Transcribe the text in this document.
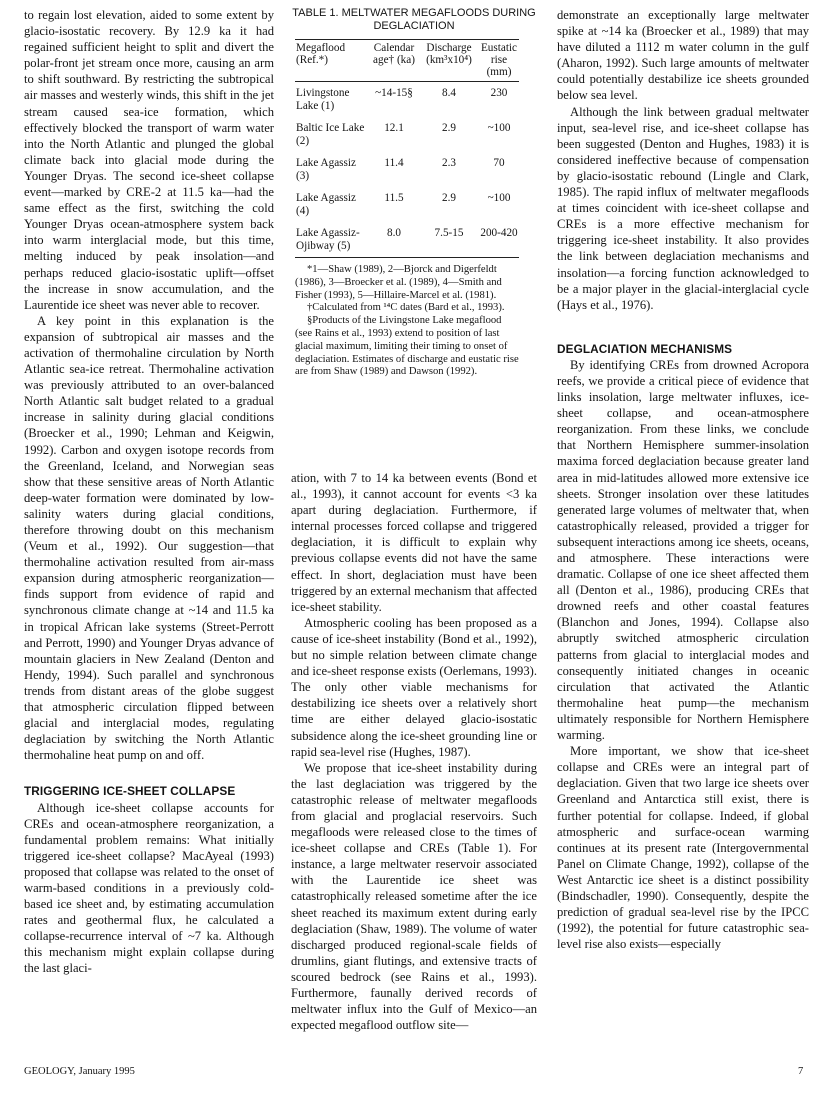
to regain lost elevation, aided to some extent by glacio-isostatic recovery. By 12.9 ka it had regained sufficient height to split and divert the polar-front jet stream once more, causing an arm to shift southward. By restricting the subtropical air masses and westerly winds, this shift in the jet stream caused sea-ice formation, which effectively blocked the transport of warm water into the North Atlantic and plunged the global climate back into glacial mode during the Younger Dryas. The second ice-sheet collapse event—marked by CRE-2 at 11.5 ka—had the same effect as the first, switching the cold Younger Dryas ocean-atmosphere system back into warm interglacial mode, but this time, melting induced by peak insolation—and perhaps reduced glacio-isostatic uplift—offset the increase in snow accumulation, and the Laurentide ice sheet was never able to recover.

A key point in this explanation is the expansion of subtropical air masses and the activation of thermohaline circulation by North Atlantic sea-ice retreat. Thermohaline activation was previously attributed to an over-balanced North Atlantic salt budget related to a gradual increase in salinity during glacial conditions (Broecker et al., 1990; Lehman and Keigwin, 1992). Carbon and oxygen isotope records from the Greenland, Iceland, and Norwegian seas show that these sensitive areas of North Atlantic deep-water formation were dominated by low-salinity waters during glacial conditions, therefore throwing doubt on this mechanism (Veum et al., 1992). Our suggestion—that thermohaline activation resulted from air-mass expansion during atmospheric reorganization—finds support from evidence of rapid and synchronous climate change at ~14 and 11.5 ka in tropical African lake systems (Street-Perrott and Perrott, 1990) and Younger Dryas advance of mountain glaciers in New Zealand (Denton and Hendy, 1994). Such parallel and synchronous trends from distant areas of the globe suggest that atmospheric circulation flipped between glacial and interglacial modes, regulating deglaciation by switching the North Atlantic thermohaline heat pump on and off.

TRIGGERING ICE-SHEET COLLAPSE

Although ice-sheet collapse accounts for CREs and ocean-atmosphere reorganization, a fundamental problem remains: What initially triggered ice-sheet collapse? MacAyeal (1993) proposed that collapse was related to the onset of warm-based conditions in a previously cold-based ice sheet and, by estimating accumulation rates and geothermal flux, he calculated a collapse-recurrence interval of ~7 ka. Although this mechanism might explain collapse during the last glaci-

TABLE 1. MELTWATER MEGAFLOODS DURING DEGLACIATION
Megaflood (Ref.*)	Calendar age† (ka)	Discharge (km³x10⁴)	Eustatic rise (mm)
Livingstone Lake (1)	~14-15§	8.4	230
Baltic Ice Lake (2)	12.1	2.9	~100
Lake Agassiz (3)	11.4	2.3	70
Lake Agassiz (4)	11.5	2.9	~100
Lake Agassiz-Ojibway (5)	8.0	7.5-15	200-420

*1—Shaw (1989), 2—Bjorck and Digerfeldt (1986), 3—Broecker et al. (1989), 4—Smith and Fisher (1993), 5—Hillaire-Marcel et al. (1981).

†Calculated from ¹⁴C dates (Bard et al., 1993).

§Products of the Livingstone Lake megaflood (see Rains et al., 1993) extend to position of last glacial maximum, limiting their timing to onset of deglaciation. Estimates of discharge and eustatic rise are from Shaw (1989) and Dawson (1992).

ation, with 7 to 14 ka between events (Bond et al., 1993), it cannot account for events <3 ka apart during deglaciation. Furthermore, if internal processes forced collapse and triggered deglaciation, it is difficult to explain why previous collapse events did not have the same effect. In short, deglaciation must have been triggered by an external mechanism that affected ice-sheet stability.

Atmospheric cooling has been proposed as a cause of ice-sheet instability (Bond et al., 1992), but no simple relation between climate change and ice-sheet response exists (Oerlemans, 1993). The only other viable mechanisms for destabilizing ice sheets over a relatively short time are either delayed glacio-isostatic subsidence along the ice-sheet grounding line or rapid sea-level rise (Hughes, 1987).

We propose that ice-sheet instability during the last deglaciation was triggered by the catastrophic release of meltwater megafloods from glacial and proglacial reservoirs. Such megafloods were released close to the times of ice-sheet collapse and CREs (Table 1). For instance, a large meltwater reservoir associated with the Laurentide ice sheet was catastrophically released sometime after the ice sheet reached its maximum extent during early deglaciation (Shaw, 1989). The volume of water discharged produced regional-scale fields of drumlins, giant flutings, and extensive tracts of scoured bedrock (see Rains et al., 1993). Furthermore, faunally derived records of meltwater influx into the Gulf of Mexico—an expected megaflood outflow site—

demonstrate an exceptionally large meltwater spike at ~14 ka (Broecker et al., 1989) that may have diluted a 1112 m water column in the gulf (Aharon, 1992). Such large amounts of meltwater could potentially destabilize ice sheets grounded below sea level.

Although the link between gradual meltwater input, sea-level rise, and ice-sheet collapse has been suggested (Denton and Hughes, 1983) it is considered ineffective because of compensation by glacio-isostatic rebound (Lingle and Clark, 1985). The rapid influx of meltwater megafloods at times coincident with ice-sheet collapse and CREs is a more effective mechanism for triggering ice-sheet instability. It also provides the link between deglaciation mechanisms and insolation—a forcing function acknowledged to be a major player in the glacial-interglacial cycle (Hays et al., 1976).

DEGLACIATION MECHANISMS

By identifying CREs from drowned Acropora reefs, we provide a critical piece of evidence that links insolation, large meltwater influxes, ice-sheet collapse, and ocean-atmosphere reorganization. From these links, we conclude that Northern Hemisphere summer-insolation maxima forced deglaciation because greater land area in mid-latitudes allowed more extensive ice sheets. Stronger insolation over these latitudes generated large volumes of meltwater that, when catastrophically released, provided a trigger for subsequent interactions among ice sheets, oceans, and atmosphere. These interactions were dramatic. Collapse of one ice sheet affected them all (Denton et al., 1986), producing CREs that drowned reefs and other coastal features (Blanchon and Jones, 1994). Collapse also abruptly switched atmospheric circulation patterns from glacial to interglacial modes and consequently initiated changes in oceanic circulation that activated the Atlantic thermohaline heat pump—the mechanism ultimately responsible for Northern Hemisphere warming.

More important, we show that ice-sheet collapse and CREs were an integral part of deglaciation. Given that two large ice sheets over Greenland and Antarctica still exist, there is further potential for collapse. Indeed, if global atmospheric and surface-ocean warming continues at its present rate (Intergovernmental Panel on Climate Change, 1992), collapse of the West Antarctic ice sheet is a distinct possibility (Bindschadler, 1990). Consequently, despite the prediction of gradual sea-level rise by the IPCC (1992), the potential for future catastrophic sea-level rise also exists—especially

GEOLOGY, January 1995	7
